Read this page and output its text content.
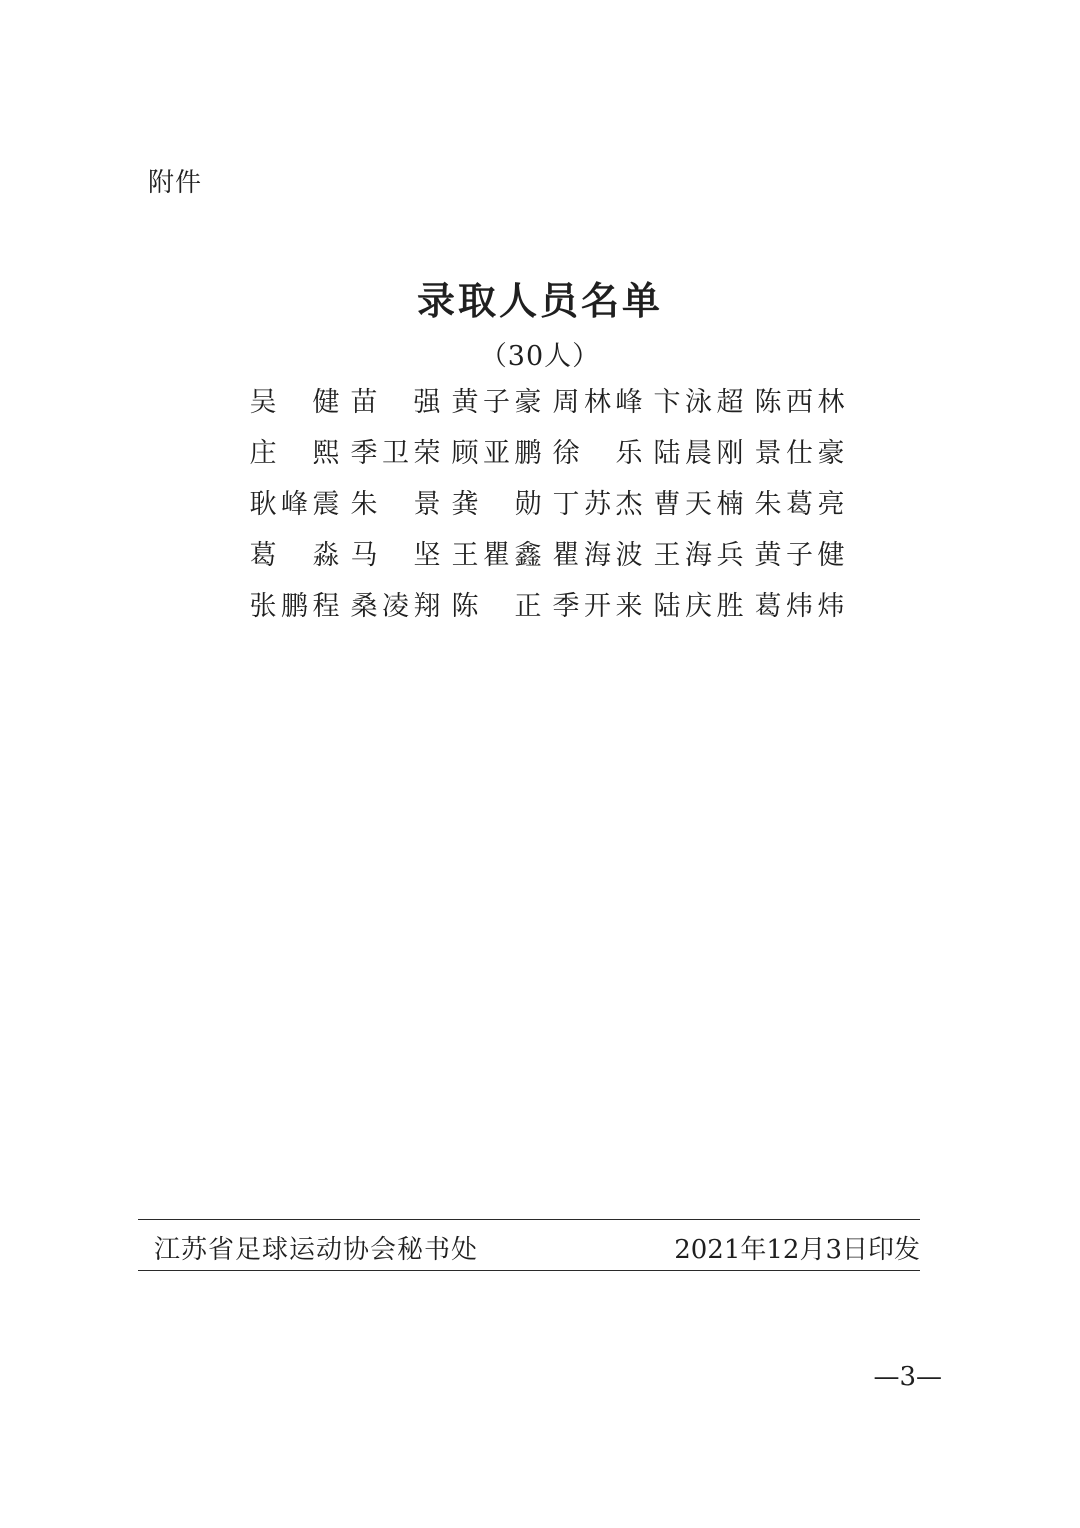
附件
录取人员名单
（30人）
吴 健 苗 强 黄 子 豪 周 林 峰 卞 泳 超 陈 西 林
庄 熙 季 卫 荣 顾 亚 鹏 徐 乐 陆 晨 刚 景 仕 豪
耿 峰 震 朱 景 龚 勋 丁 苏 杰 曹 天 楠 朱 葛 亮
葛 淼 马 坚 王 瞿 鑫 瞿 海 波 王 海 兵 黄 子 健
张 鹏 程 桑 凌 翔 陈 正 季 开 来 陆 庆 胜 葛 炜 炜
江苏省足球运动协会秘书处	2021年12月3日印发
—3—
